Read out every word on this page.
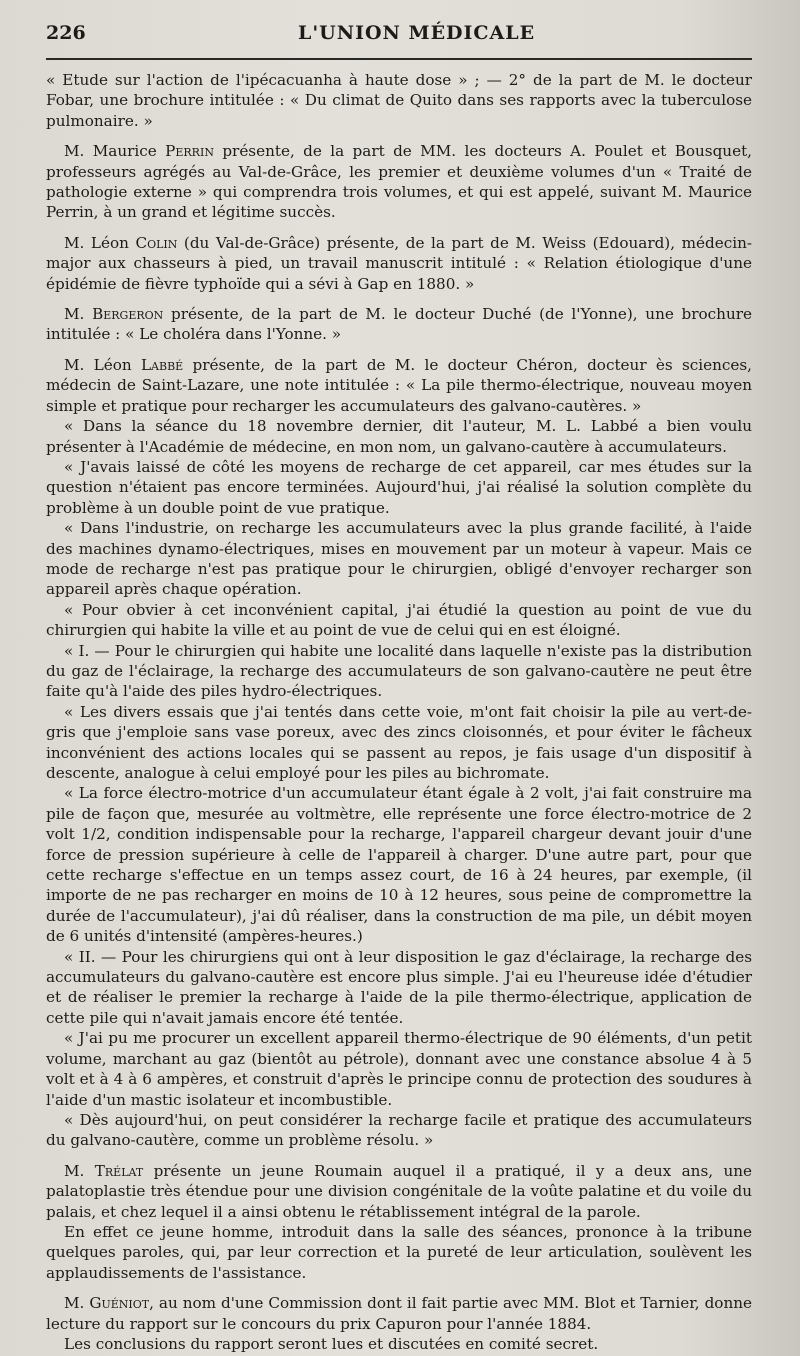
226	L'UNION MÉDICALE

« Etude sur l'action de l'ipécacuanha à haute dose » ; — 2° de la part de M. le docteur Fobar, une brochure intitulée : « Du climat de Quito dans ses rapports avec la tuberculose pulmonaire. »

M. Maurice Perrin présente, de la part de MM. les docteurs A. Poulet et Bousquet, professeurs agrégés au Val-de-Grâce, les premier et deuxième volumes d'un « Traité de pathologie externe » qui comprendra trois volumes, et qui est appelé, suivant M. Maurice Perrin, à un grand et légitime succès.

M. Léon Colin (du Val-de-Grâce) présente, de la part de M. Weiss (Edouard), médecin-major aux chasseurs à pied, un travail manuscrit intitulé : « Relation étiologique d'une épidémie de fièvre typhoïde qui a sévi à Gap en 1880. »

M. Bergeron présente, de la part de M. le docteur Duché (de l'Yonne), une brochure intitulée : « Le choléra dans l'Yonne. »

M. Léon Labbé présente, de la part de M. le docteur Chéron, docteur ès sciences, médecin de Saint-Lazare, une note intitulée : « La pile thermo-électrique, nouveau moyen simple et pratique pour recharger les accumulateurs des galvano-cautères. »

« Dans la séance du 18 novembre dernier, dit l'auteur, M. L. Labbé a bien voulu présenter à l'Académie de médecine, en mon nom, un galvano-cautère à accumulateurs.

« J'avais laissé de côté les moyens de recharge de cet appareil, car mes études sur la question n'étaient pas encore terminées. Aujourd'hui, j'ai réalisé la solution complète du problème à un double point de vue pratique.

« Dans l'industrie, on recharge les accumulateurs avec la plus grande facilité, à l'aide des machines dynamo-électriques, mises en mouvement par un moteur à vapeur. Mais ce mode de recharge n'est pas pratique pour le chirurgien, obligé d'envoyer recharger son appareil après chaque opération.

« Pour obvier à cet inconvénient capital, j'ai étudié la question au point de vue du chirurgien qui habite la ville et au point de vue de celui qui en est éloigné.

« I. — Pour le chirurgien qui habite une localité dans laquelle n'existe pas la distribution du gaz de l'éclairage, la recharge des accumulateurs de son galvano-cautère ne peut être faite qu'à l'aide des piles hydro-électriques.

« Les divers essais que j'ai tentés dans cette voie, m'ont fait choisir la pile au vert-de-gris que j'emploie sans vase poreux, avec des zincs cloisonnés, et pour éviter le fâcheux inconvénient des actions locales qui se passent au repos, je fais usage d'un dispositif à descente, analogue à celui employé pour les piles au bichromate.

« La force électro-motrice d'un accumulateur étant égale à 2 volt, j'ai fait construire ma pile de façon que, mesurée au voltmètre, elle représente une force électro-motrice de 2 volt 1/2, condition indispensable pour la recharge, l'appareil chargeur devant jouir d'une force de pression supérieure à celle de l'appareil à charger. D'une autre part, pour que cette recharge s'effectue en un temps assez court, de 16 à 24 heures, par exemple, (il importe de ne pas recharger en moins de 10 à 12 heures, sous peine de compromettre la durée de l'accumulateur), j'ai dû réaliser, dans la construction de ma pile, un débit moyen de 6 unités d'intensité (ampères-heures.)

« II. — Pour les chirurgiens qui ont à leur disposition le gaz d'éclairage, la recharge des accumulateurs du galvano-cautère est encore plus simple. J'ai eu l'heureuse idée d'étudier et de réaliser le premier la recharge à l'aide de la pile thermo-électrique, application de cette pile qui n'avait jamais encore été tentée.

« J'ai pu me procurer un excellent appareil thermo-électrique de 90 éléments, d'un petit volume, marchant au gaz (bientôt au pétrole), donnant avec une constance absolue 4 à 5 volt et à 4 à 6 ampères, et construit d'après le principe connu de protection des soudures à l'aide d'un mastic isolateur et incombustible.

« Dès aujourd'hui, on peut considérer la recharge facile et pratique des accumulateurs du galvano-cautère, comme un problème résolu. »

M. Trélat présente un jeune Roumain auquel il a pratiqué, il y a deux ans, une palatoplastie très étendue pour une division congénitale de la voûte palatine et du voile du palais, et chez lequel il a ainsi obtenu le rétablissement intégral de la parole.

En effet ce jeune homme, introduit dans la salle des séances, prononce à la tribune quelques paroles, qui, par leur correction et la pureté de leur articulation, soulèvent les applaudissements de l'assistance.

M. Guéniot, au nom d'une Commission dont il fait partie avec MM. Blot et Tarnier, donne lecture du rapport sur le concours du prix Capuron pour l'année 1884.

Les conclusions du rapport seront lues et discutées en comité secret.
